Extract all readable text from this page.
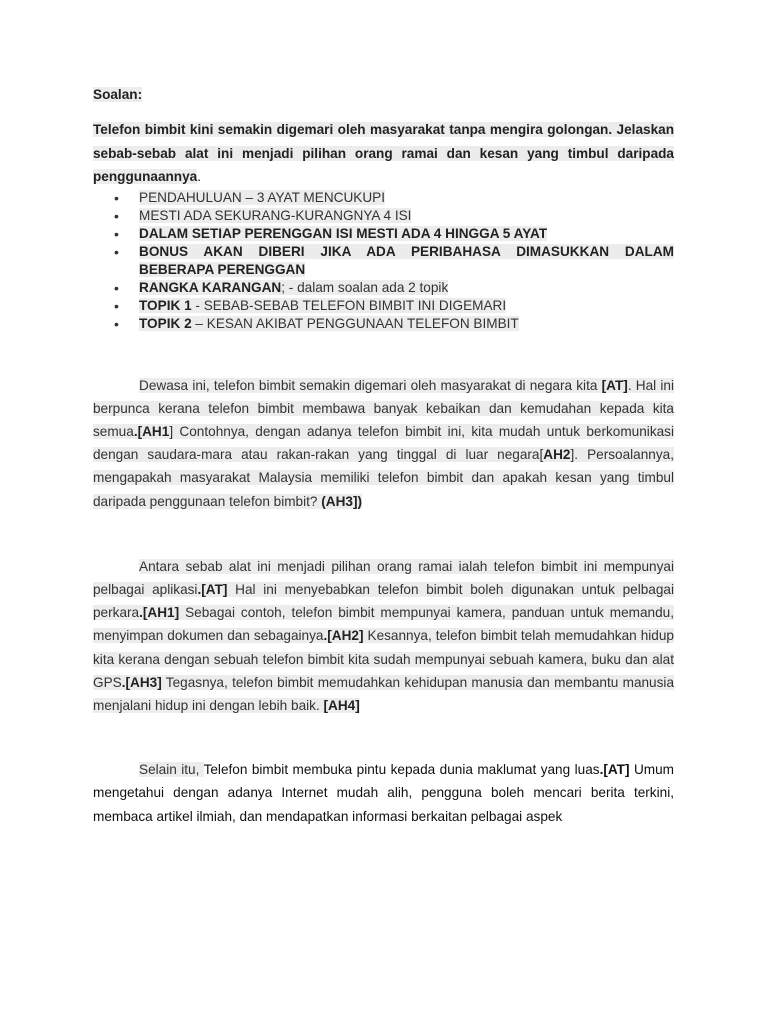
Soalan:

Telefon bimbit kini semakin digemari oleh masyarakat tanpa mengira golongan. Jelaskan sebab-sebab alat ini menjadi pilihan orang ramai dan kesan yang timbul daripada penggunaannya.

• PENDAHULUAN – 3 AYAT MENCUKUPI
• MESTI ADA SEKURANG-KURANGNYA 4 ISI
• DALAM SETIAP PERENGGAN ISI MESTI ADA 4 HINGGA 5 AYAT
• BONUS AKAN DIBERI JIKA ADA PERIBAHASA DIMASUKKAN DALAM
BEBERAPA PERENGGAN
• RANGKA KARANGAN; - dalam soalan ada 2 topik
• TOPIK 1 - SEBAB-SEBAB TELEFON BIMBIT INI DIGEMARI
• TOPIK 2 – KESAN AKIBAT PENGGUNAAN TELEFON BIMBIT

Dewasa ini, telefon bimbit semakin digemari oleh masyarakat di negara kita [AT]. Hal ini berpunca kerana telefon bimbit membawa banyak kebaikan dan kemudahan kepada kita semua.[AH1] Contohnya, dengan adanya telefon bimbit ini, kita mudah untuk berkomunikasi dengan saudara-mara atau rakan-rakan yang tinggal di luar negara[AH2]. Persoalannya, mengapakah masyarakat Malaysia memiliki telefon bimbit dan apakah kesan yang timbul daripada penggunaan telefon bimbit? (AH3])

Antara sebab alat ini menjadi pilihan orang ramai ialah telefon bimbit ini mempunyai pelbagai aplikasi.[AT] Hal ini menyebabkan telefon bimbit boleh digunakan untuk pelbagai perkara.[AH1] Sebagai contoh, telefon bimbit mempunyai kamera, panduan untuk memandu, menyimpan dokumen dan sebagainya.[AH2] Kesannya, telefon bimbit telah memudahkan hidup kita kerana dengan sebuah telefon bimbit kita sudah mempunyai sebuah kamera, buku dan alat GPS.[AH3] Tegasnya, telefon bimbit memudahkan kehidupan manusia dan membantu manusia menjalani hidup ini dengan lebih baik. [AH4]

Selain itu, Telefon bimbit membuka pintu kepada dunia maklumat yang luas.[AT] Umum mengetahui dengan adanya Internet mudah alih, pengguna boleh mencari berita terkini, membaca artikel ilmiah, dan mendapatkan informasi berkaitan pelbagai aspek
